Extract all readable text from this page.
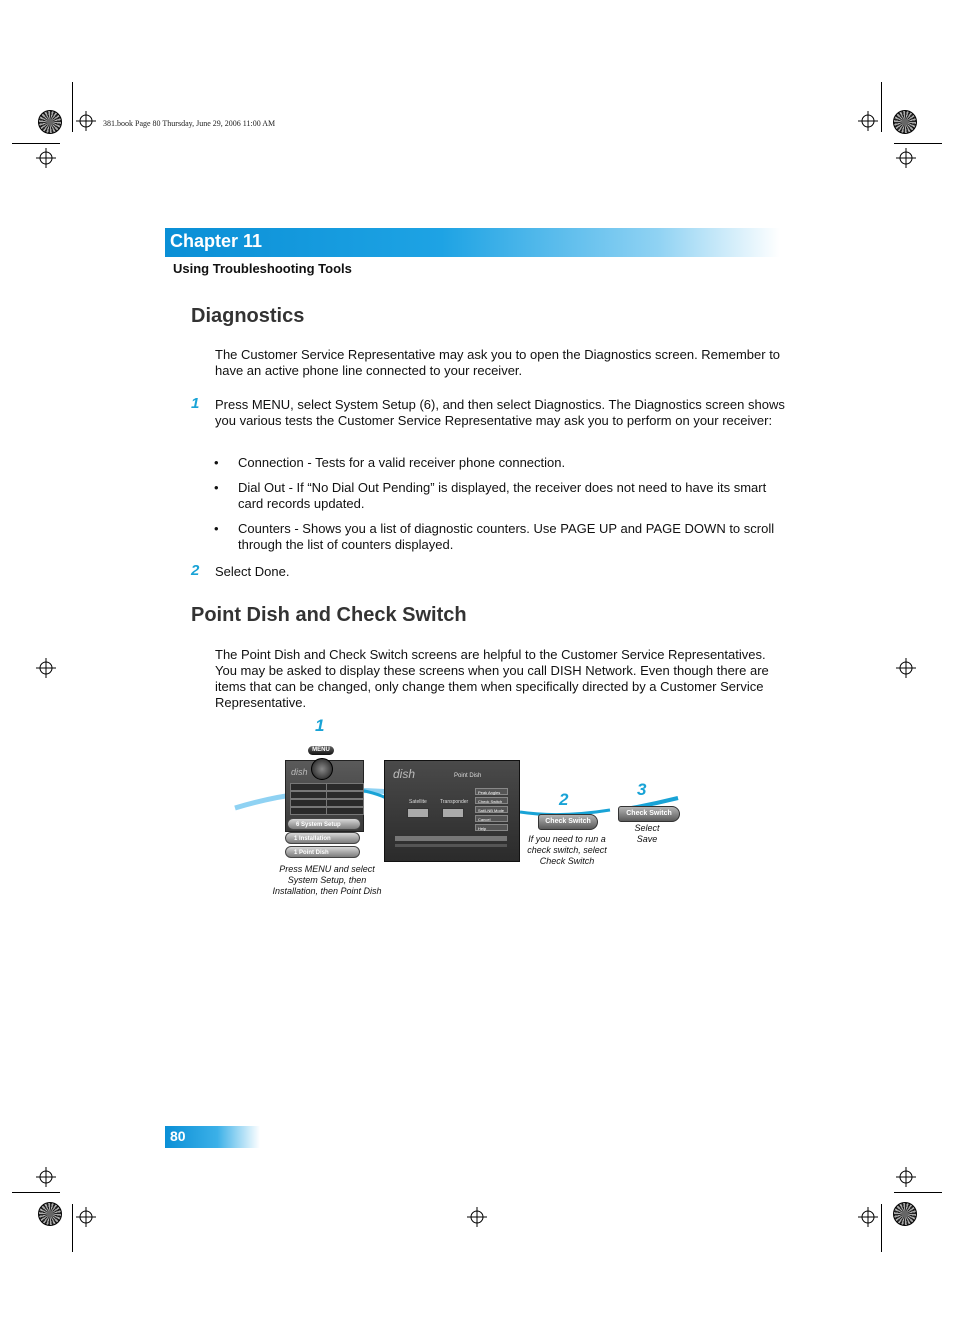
381.book Page 80 Thursday, June 29, 2006 11:00 AM
Chapter 11
Using Troubleshooting Tools
Diagnostics
The Customer Service Representative may ask you to open the Diagnostics screen. Remember to have an active phone line connected to your receiver.
1 Press MENU, select System Setup (6), and then select Diagnostics. The Diagnostics screen shows you various tests the Customer Service Representative may ask you to perform on your receiver:
• Connection - Tests for a valid receiver phone connection.
• Dial Out - If “No Dial Out Pending” is displayed, the receiver does not need to have its smart card records updated.
• Counters - Shows you a list of diagnostic counters. Use PAGE UP and PAGE DOWN to scroll through the list of counters displayed.
2 Select Done.
Point Dish and Check Switch
The Point Dish and Check Switch screens are helpful to the Customer Service Representatives. You may be asked to display these screens when you call DISH Network. Even though there are items that can be changed, only change them when specifically directed by a Customer Service Representative.
1
MENU
dish
6 System Setup
1 Installation
1 Point Dish
Press MENU and select System Setup, then Installation, then Point Dish
dish	Point Dish
Satellite	Transponder
Peak Angles
Check Switch
Sat/LNB Mode
Cancel
Help
2
Check Switch
If you need to run a check switch, select Check Switch
3
Check Switch
Select Save
80
